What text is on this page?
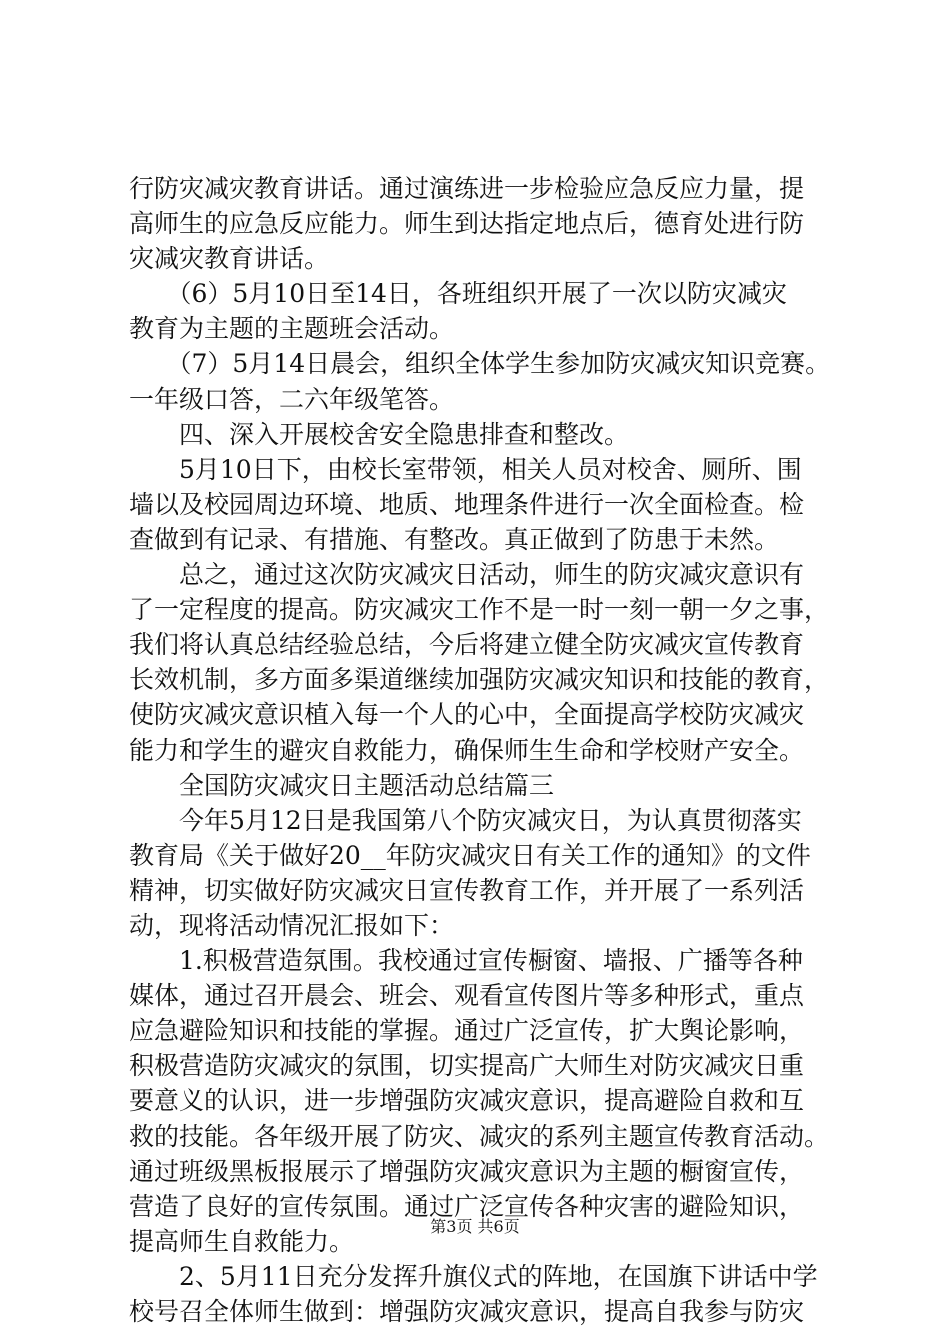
行防灾减灾教育讲话。通过演练进一步检验应急反应力量，提

高师生的应急反应能力。师生到达指定地点后，德育处进行防

灾减灾教育讲话。

　　（6）5月10日至14日，各班组织开展了一次以防灾减灾

教育为主题的主题班会活动。

　　（7）5月14日晨会，组织全体学生参加防灾减灾知识竞赛。

一年级口答，二六年级笔答。

　　四、深入开展校舍安全隐患排查和整改。

　　5月10日下，由校长室带领，相关人员对校舍、厕所、围

墙以及校园周边环境、地质、地理条件进行一次全面检查。检

查做到有记录、有措施、有整改。真正做到了防患于未然。

　　总之，通过这次防灾减灾日活动，师生的防灾减灾意识有

了一定程度的提高。防灾减灾工作不是一时一刻一朝一夕之事，

我们将认真总结经验总结，今后将建立健全防灾减灾宣传教育

长效机制，多方面多渠道继续加强防灾减灾知识和技能的教育，

使防灾减灾意识植入每一个人的心中，全面提高学校防灾减灾

能力和学生的避灾自救能力，确保师生生命和学校财产安全。

　　全国防灾减灾日主题活动总结篇三

　　今年5月12日是我国第八个防灾减灾日，为认真贯彻落实

教育局《关于做好20__年防灾减灾日有关工作的通知》的文件

精神，切实做好防灾减灾日宣传教育工作，并开展了一系列活

动，现将活动情况汇报如下：

　　1.积极营造氛围。我校通过宣传橱窗、墙报、广播等各种

媒体，通过召开晨会、班会、观看宣传图片等多种形式，重点

应急避险知识和技能的掌握。通过广泛宣传，扩大舆论影响，

积极营造防灾减灾的氛围，切实提高广大师生对防灾减灾日重

要意义的认识，进一步增强防灾减灾意识，提高避险自救和互

救的技能。各年级开展了防灾、减灾的系列主题宣传教育活动。

通过班级黑板报展示了增强防灾减灾意识为主题的橱窗宣传，

营造了良好的宣传氛围。通过广泛宣传各种灾害的避险知识，

提高师生自救能力。

　　2、5月11日充分发挥升旗仪式的阵地，在国旗下讲话中学

校号召全体师生做到：增强防灾减灾意识，提高自我参与防灾

第3页 共6页
